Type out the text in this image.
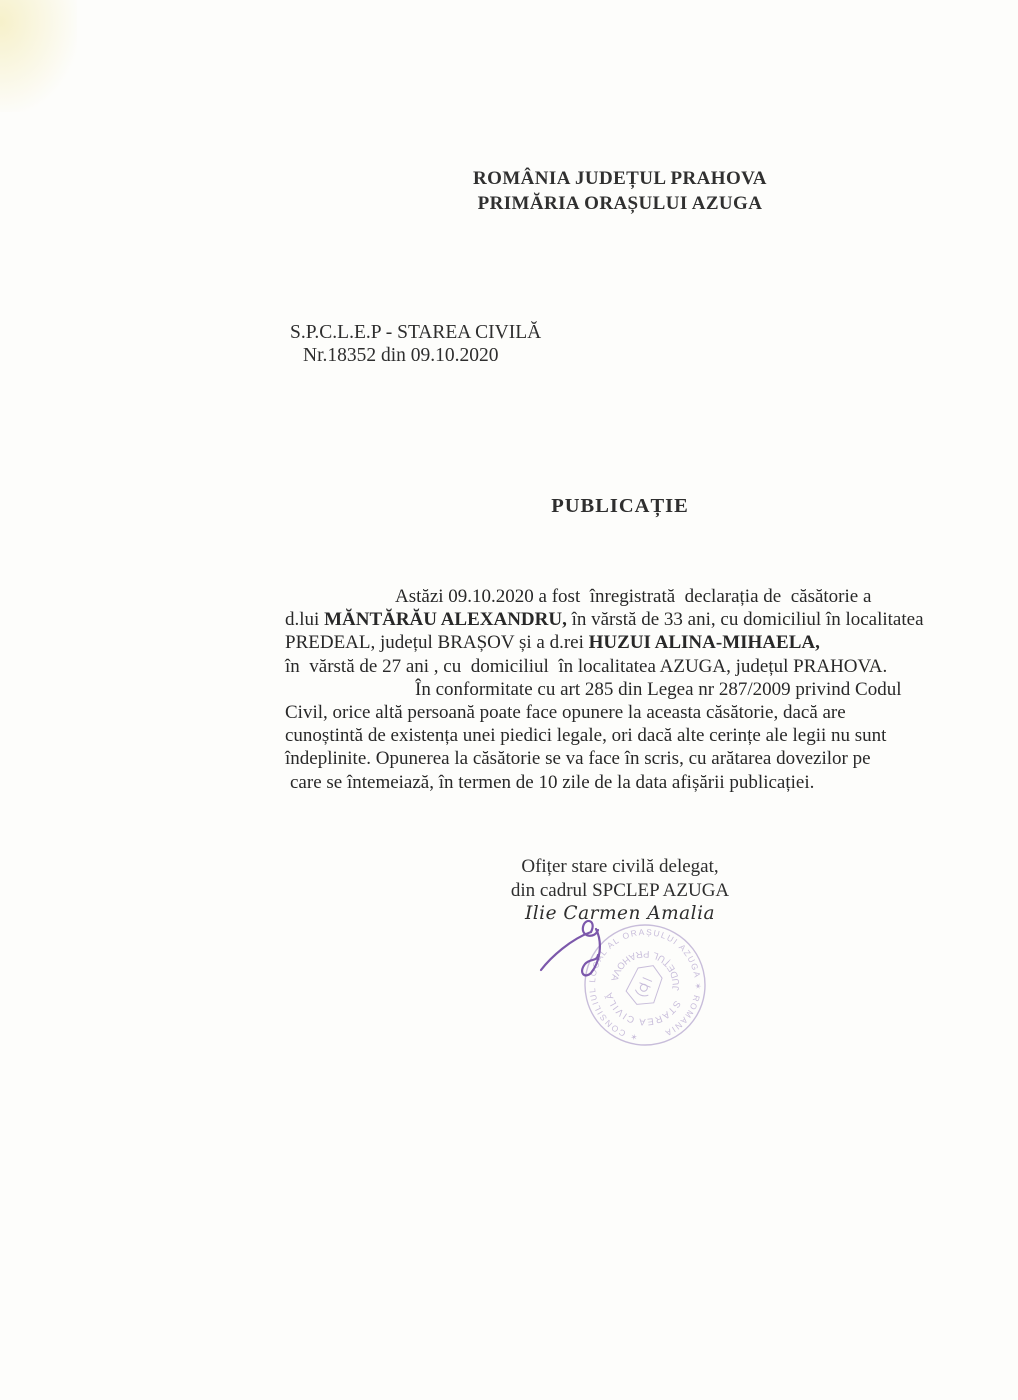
ROMÂNIA JUDEȚUL PRAHOVA
PRIMĂRIA ORAȘULUI AZUGA
S.P.C.L.E.P - STAREA CIVILĂ
Nr.18352 din 09.10.2020
PUBLICAȚIE
Astăzi 09.10.2020 a fost  înregistrată  declarația de  căsătorie a
d.lui MĂNTĂRĂU ALEXANDRU, în vărstă de 33 ani, cu domiciliul în localitatea
PREDEAL, județul BRAȘOV și a d.rei HUZUI ALINA-MIHAELA,
în  vărstă de 27 ani , cu  domiciliul  în localitatea AZUGA, județul PRAHOVA.
În conformitate cu art 285 din Legea nr 287/2009 privind Codul
Civil, orice altă persoană poate face opunere la aceasta căsătorie, dacă are
cunoștintă de existența unei piedici legale, ori dacă alte cerințe ale legii nu sunt
îndeplinite. Opunerea la căsătorie se va face în scris, cu arătarea dovezilor pe
care se întemeiază, în termen de 10 zile de la data afișării publicației.
Ofițer stare civilă delegat,
din cadrul SPCLEP AZUGA
Ilie Carmen Amalia
✶ CONSILIUL LOCAL AL ORAȘULUI AZUGA ✶ ROMANIA
STAREA CIVILĂ
JUDEȚUL PRAHOVA
